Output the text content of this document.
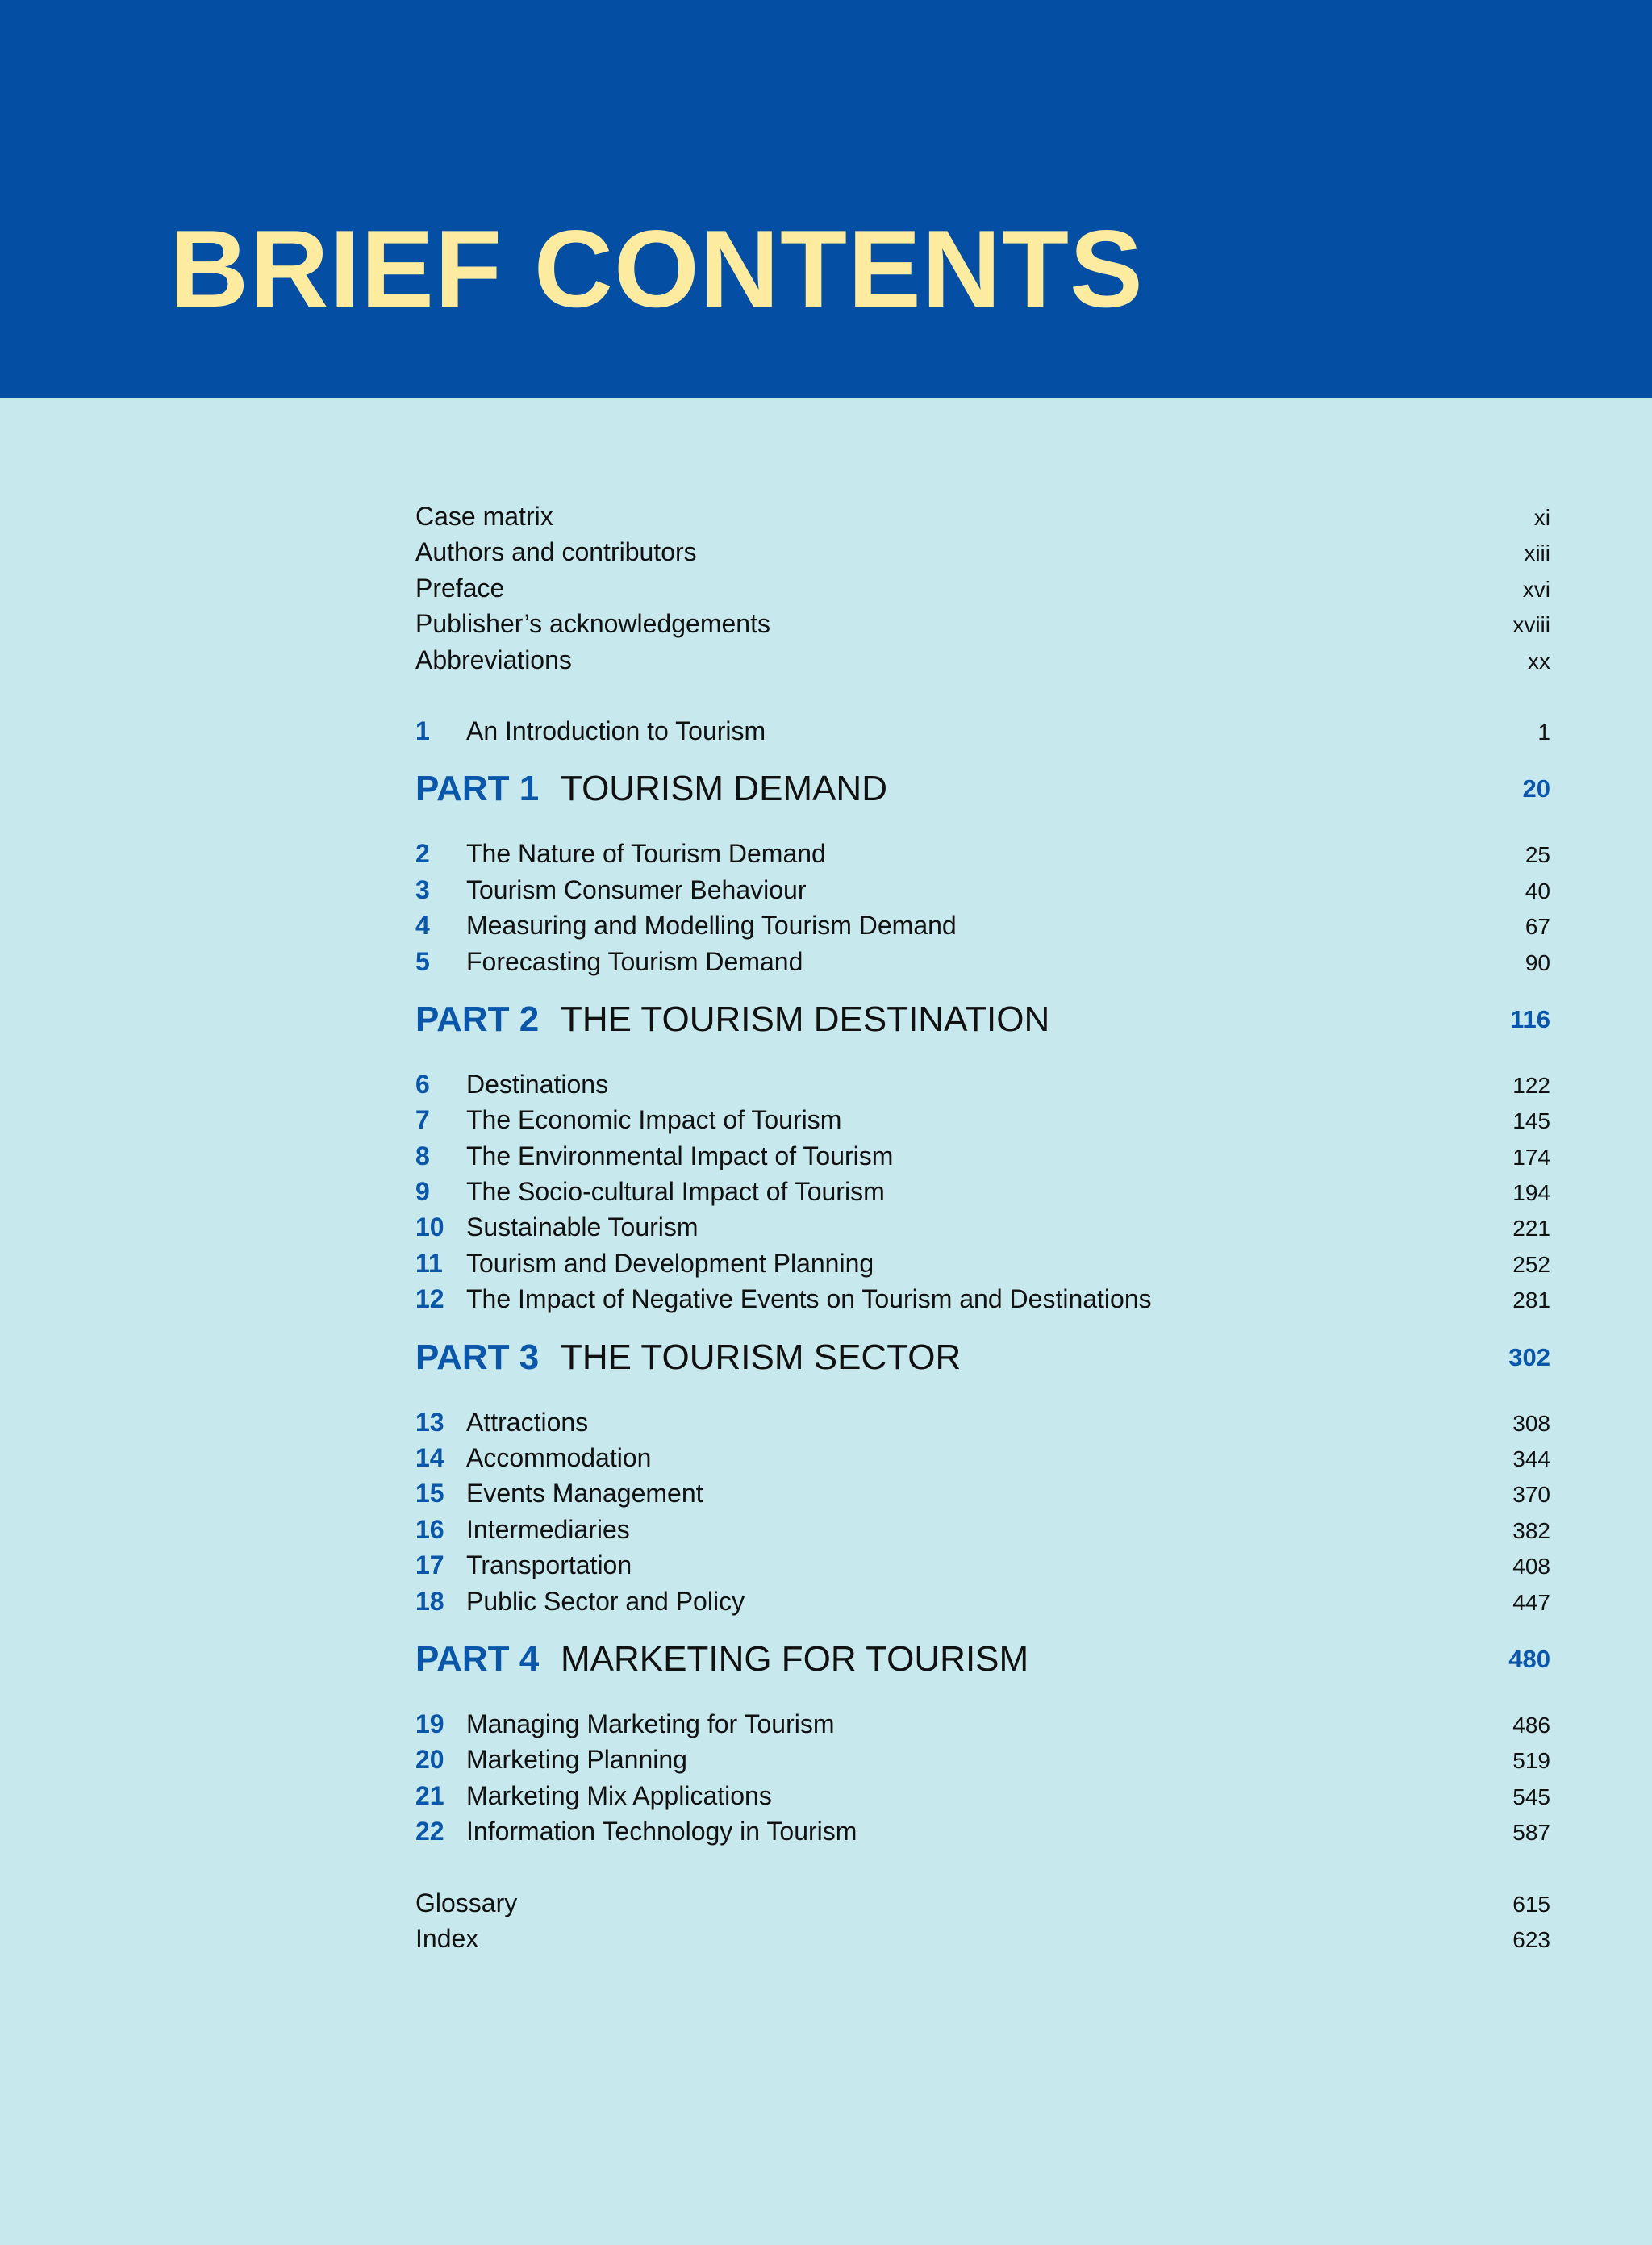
BRIEF CONTENTS
Case matrix	xi
Authors and contributors	xiii
Preface	xvi
Publisher’s acknowledgements	xviii
Abbreviations	xx
1 An Introduction to Tourism	1
PART 1 TOURISM DEMAND	20
2 The Nature of Tourism Demand	25
3 Tourism Consumer Behaviour	40
4 Measuring and Modelling Tourism Demand	67
5 Forecasting Tourism Demand	90
PART 2 THE TOURISM DESTINATION	116
6 Destinations	122
7 The Economic Impact of Tourism	145
8 The Environmental Impact of Tourism	174
9 The Socio-cultural Impact of Tourism	194
10 Sustainable Tourism	221
11 Tourism and Development Planning	252
12 The Impact of Negative Events on Tourism and Destinations	281
PART 3 THE TOURISM SECTOR	302
13 Attractions	308
14 Accommodation	344
15 Events Management	370
16 Intermediaries	382
17 Transportation	408
18 Public Sector and Policy	447
PART 4 MARKETING FOR TOURISM	480
19 Managing Marketing for Tourism	486
20 Marketing Planning	519
21 Marketing Mix Applications	545
22 Information Technology in Tourism	587
Glossary	615
Index	623
